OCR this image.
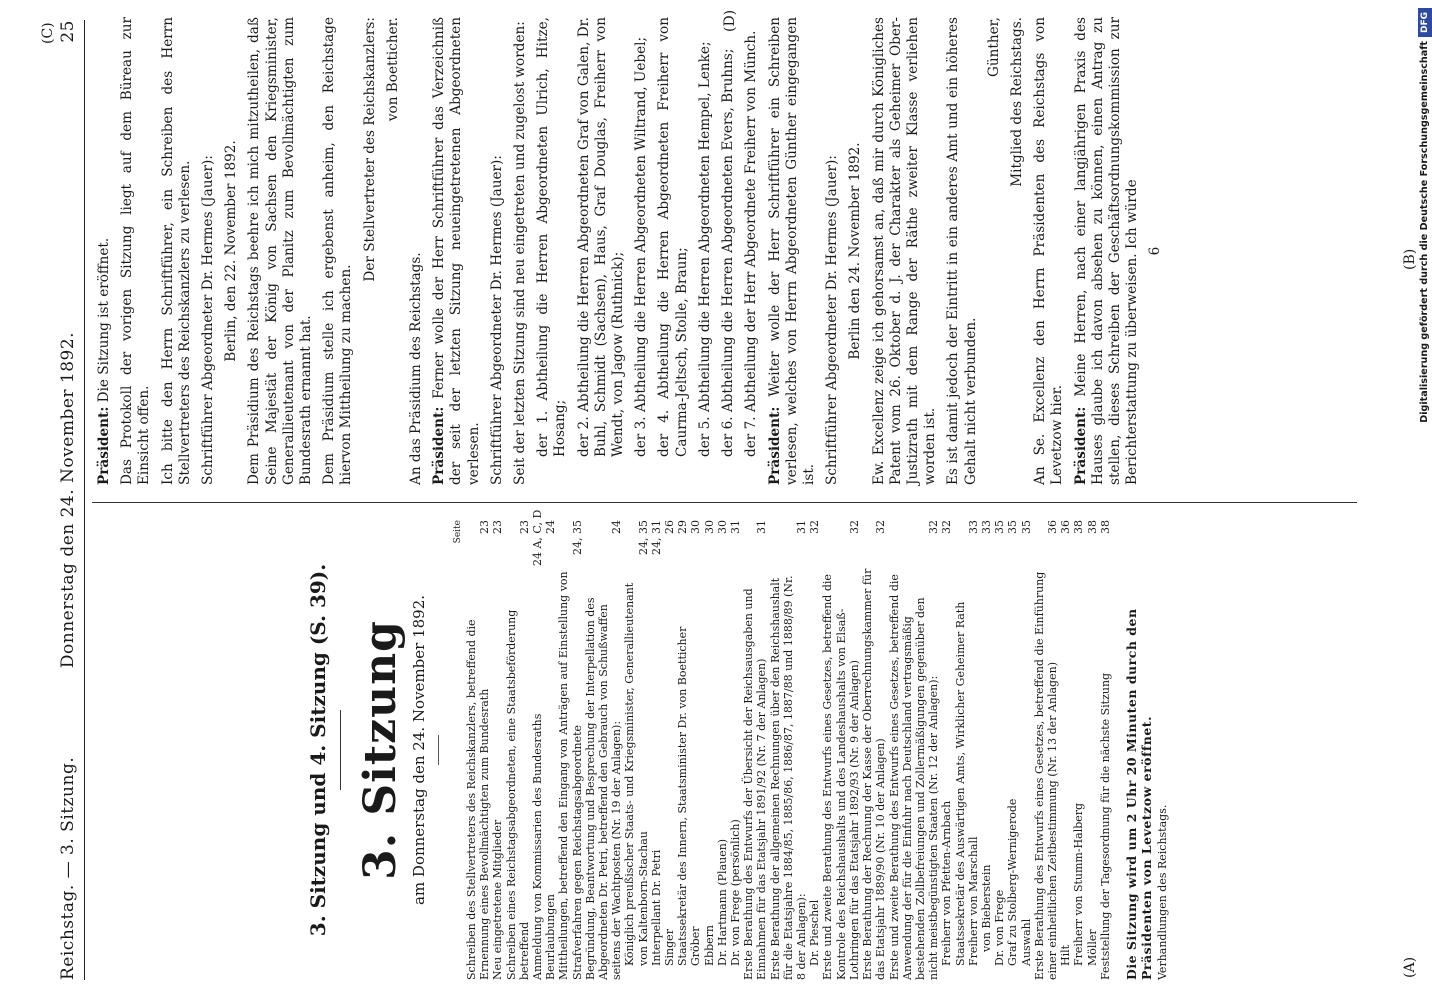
Reichstag. — 3. Sitzung.
Donnerstag den 24. November 1892.
25
(A)
(B)
(C)
(D)
3. Sitzung und 4. Sitzung (S. 39). 3. Sitzung am Donnerstag den 24. November 1892.
Seite
Schreiben des Stellvertreters des Reichskanzlers, betreffend die Ernennung eines Bevollmächtigten zum Bundesrath
23
Neu eingetretene Mitglieder
23
Schreiben eines Reichstagsabgeordneten, eine Staatsbeförderung betreffend
23
Anmeldung von Kommissarien des Bundesraths
24 A, C, D
Beurlaubungen
24
Mittheilungen, betreffend den Eingang von Anträgen auf Einstellung von Strafverfahren gegen Reichstagsabgeordnete
24, 35
Begründung, Beantwortung und Besprechung der Interpellation des Abgeordneten Dr. Petri, betreffend den Gebrauch von Schußwaffen seitens der Wachtposten (Nr. 19 der Anlagen):
24
Königlich preußischer Staats- und Kriegsminister, Generallieutenant von Kaltenborn-Stachau
24, 35
Interpellant Dr. Petri
24, 31
Singer
26
Staatssekretär des Innern, Staatsminister Dr. von Boetticher
29
Gröber
30
Ebbern
30
Dr. Hartmann (Plauen)
30
Dr. von Frege (persönlich)
31
Erste Berathung des Entwurfs der Übersicht der Reichsausgaben und Einnahmen für das Etatsjahr 1891/92 (Nr. 7 der Anlagen)
31
Erste Berathung der allgemeinen Rechnungen über den Reichshaushalt für die Etatsjahre 1884/85, 1885/86, 1886/87, 1887/88 und 1888/89 (Nr. 8 der Anlagen):
31
Dr. Pieschel
32
Erste und zweite Berathung des Entwurfs eines Gesetzes, betreffend die Kontrole des Reichshaushalts und des Landeshaushalts von Elsaß-Lothringen für das Etatsjahr 1892/93 (Nr. 9 der Anlagen)
32
Erste Berathung der Rechnung der Kasse der Oberrechnungskammer für das Etatsjahr 1889/90 (Nr. 10 der Anlagen)
32
Erste und zweite Berathung des Entwurfs eines Gesetzes, betreffend die Anwendung der für die Einfuhr nach Deutschland vertragsmäßig bestehenden Zollbefreiungen und Zollermäßigungen gegenüber den nicht meistbegünstigten Staaten (Nr. 12 der Anlagen):
32
Freiherr von Pfetten-Arnbach
32
Staatssekretär des Auswärtigen Amts, Wirklicher Geheimer Rath Freiherr von Marschall
33
von Bieberstein
33
Dr. von Frege
35
Graf zu Stolberg-Wernigerode
35
Auswahl
35
Erste Berathung des Entwurfs eines Gesetzes, betreffend die Einführung einer einheitlichen Zeitbestimmung (Nr. 13 der Anlagen)
36
Hilt
36
Freiherr von Stumm-Halberg
38
Möller
38
Feststellung der Tagesordnung für die nächste Sitzung
38
Die Sitzung wird um 2 Uhr 20 Minuten durch den Präsidenten von Levetzow eröffnet. Verhandlungen des Reichstags.
Präsident: Die Sitzung ist eröffnet. Das Protokoll der vorigen Sitzung liegt auf dem Büreau zur Einsicht offen. Ich bitte den Herrn Schriftführer, ein Schreiben des Herrn Stellvertreters des Reichskanzlers zu verlesen. Schriftführer Abgeordneter Dr. Hermes (Jauer): Berlin, den 22. November 1892. Dem Präsidium des Reichstags beehre ich mich mitzutheilen, daß Seine Majestät der König von Sachsen den Kriegsminister, Generallieutenant von der Planitz zum Bevollmächtigten zum Bundesrath ernannt hat. Dem Präsidium stelle ich ergebenst anheim, den Reichstage hiervon Mittheilung zu machen.
Der Stellvertreter des Reichskanzlers: von Boetticher.
An das Präsidium des Reichstags. Präsident: Ferner wolle der Herr Schriftführer das Verzeichniß der seit der letzten Sitzung neueingetretenen Abgeordneten verlesen. Schriftführer Abgeordneter Dr. Hermes (Jauer): Seit der letzten Sitzung sind neu eingetreten und zugelost worden: der 1. Abtheilung die Herren Abgeordneten Ulrich, Hitze, Hosang; der 2. Abtheilung die Herren Abgeordneten Graf von Galen, Dr. Buhl, Schmidt (Sachsen), Haus, Graf Douglas, Freiherr von Wendt, von Jagow (Ruthnick); der 3. Abtheilung die Herren Abgeordneten Wiltrand, Uebel; der 4. Abtheilung die Herren Abgeordneten Freiherr von Caurma-Jeltsch, Stolle, Braun; der 5. Abtheilung die Herren Abgeordneten Hempel, Lenke; der 6. Abtheilung die Herren Abgeordneten Evers, Bruhns; der 7. Abtheilung der Herr Abgeordnete Freiherr von Münch. Präsident: Weiter wolle der Herr Schriftführer ein Schreiben verlesen, welches von Herrn Abgeordneten Günther eingegangen ist. Schriftführer Abgeordneter Dr. Hermes (Jauer): Berlin den 24. November 1892. Ew. Excellenz zeige ich gehorsamst an, daß mir durch Königliches Patent vom 26. Oktober d. J. der Charakter als Geheimer Ober-Justizrath mit dem Range der Räthe zweiter Klasse verliehen worden ist. Es ist damit jedoch der Eintritt in ein anderes Amt und ein höheres Gehalt nicht verbunden.
Günther, Mitglied des Reichstags. An Se. Excellenz den Herrn Präsidenten des Reichstags von Levetzow hier. Präsident: Meine Herren, nach einer langjährigen Praxis des Hauses glaube ich davon absehen zu können, einen Antrag zu stellen, dieses Schreiben der Geschäftsordnungskommission zur Berichterstattung zu überweisen. Ich würde 6	Digitalisierung gefördert durch die Deutsche ForschungsgemeinschaftDFG
